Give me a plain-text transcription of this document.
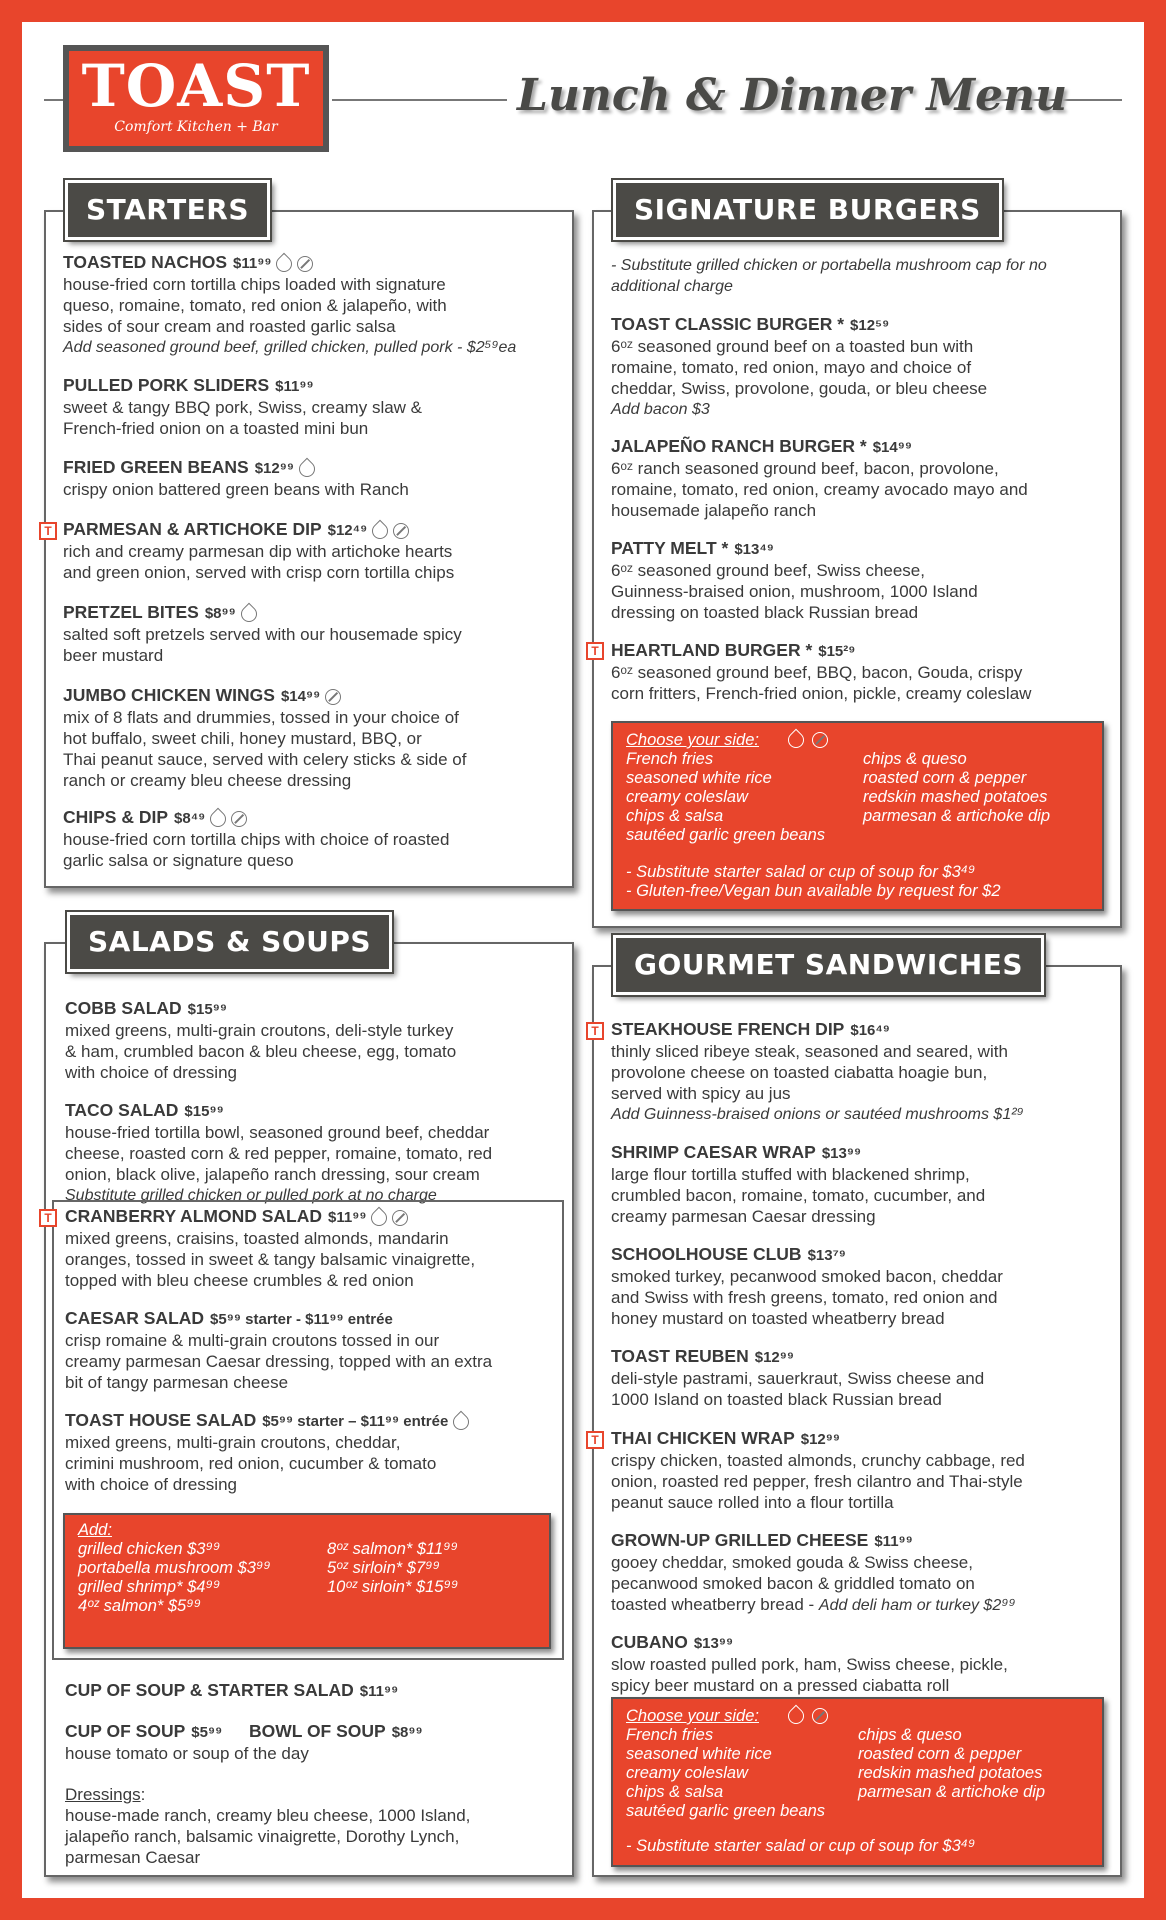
TOAST
Comfort Kitchen + Bar
Lunch & Dinner Menu
STARTERS
TOASTED NACHOS $11⁹⁹
house-fried corn tortilla chips loaded with signature
queso, romaine, tomato, red onion & jalapeño, with
sides of sour cream and roasted garlic salsa
Add seasoned ground beef, grilled chicken, pulled pork - $2⁵⁹ea
PULLED PORK SLIDERS $11⁹⁹
sweet & tangy BBQ pork, Swiss, creamy slaw &
French-fried onion on a toasted mini bun
FRIED GREEN BEANS $12⁹⁹
crispy onion battered green beans with Ranch
T PARMESAN & ARTICHOKE DIP $12⁴⁹
rich and creamy parmesan dip with artichoke hearts
and green onion, served with crisp corn tortilla chips
PRETZEL BITES $8⁹⁹
salted soft pretzels served with our housemade spicy
beer mustard
JUMBO CHICKEN WINGS $14⁹⁹
mix of 8 flats and drummies, tossed in your choice of
hot buffalo, sweet chili, honey mustard, BBQ, or
Thai peanut sauce, served with celery sticks & side of
ranch or creamy bleu cheese dressing
CHIPS & DIP $8⁴⁹
house-fried corn tortilla chips with choice of roasted
garlic salsa or signature queso
SIGNATURE BURGERS
- Substitute grilled chicken or portabella mushroom cap for no
additional charge
TOAST CLASSIC BURGER * $12⁵⁹
6ᵒᶻ seasoned ground beef on a toasted bun with
romaine, tomato, red onion, mayo and choice of
cheddar, Swiss, provolone, gouda, or bleu cheese
Add bacon $3
JALAPEÑO RANCH BURGER * $14⁹⁹
6ᵒᶻ ranch seasoned ground beef, bacon, provolone,
romaine, tomato, red onion, creamy avocado mayo and
housemade jalapeño ranch
PATTY MELT * $13⁴⁹
6ᵒᶻ seasoned ground beef, Swiss cheese,
Guinness-braised onion, mushroom, 1000 Island
dressing on toasted black Russian bread
T HEARTLAND BURGER * $15²⁹
6ᵒᶻ seasoned ground beef, BBQ, bacon, Gouda, crispy
corn fritters, French-fried onion, pickle, creamy coleslaw
Choose your side:
French fries
seasoned white rice
creamy coleslaw
chips & salsa
sautéed garlic green beans
chips & queso
roasted corn & pepper
redskin mashed potatoes
parmesan & artichoke dip
- Substitute starter salad or cup of soup for $3⁴⁹
- Gluten-free/Vegan bun available by request for $2
SALADS & SOUPS
COBB SALAD $15⁹⁹
mixed greens, multi-grain croutons, deli-style turkey
& ham, crumbled bacon & bleu cheese, egg, tomato
with choice of dressing
TACO SALAD $15⁹⁹
house-fried tortilla bowl, seasoned ground beef, cheddar
cheese, roasted corn & red pepper, romaine, tomato, red
onion, black olive, jalapeño ranch dressing, sour cream
Substitute grilled chicken or pulled pork at no charge
T CRANBERRY ALMOND SALAD $11⁹⁹
mixed greens, craisins, toasted almonds, mandarin
oranges, tossed in sweet & tangy balsamic vinaigrette,
topped with bleu cheese crumbles & red onion
CAESAR SALAD $5⁹⁹ starter - $11⁹⁹ entrée
crisp romaine & multi-grain croutons tossed in our
creamy parmesan Caesar dressing, topped with an extra
bit of tangy parmesan cheese
TOAST HOUSE SALAD $5⁹⁹ starter – $11⁹⁹ entrée
mixed greens, multi-grain croutons, cheddar,
crimini mushroom, red onion, cucumber & tomato
with choice of dressing
Add:
grilled chicken $3⁹⁹
portabella mushroom $3⁹⁹
grilled shrimp* $4⁹⁹
4ᵒᶻ salmon* $5⁹⁹
8ᵒᶻ salmon* $11⁹⁹
5ᵒᶻ sirloin* $7⁹⁹
10ᵒᶻ sirloin* $15⁹⁹
CUP OF SOUP & STARTER SALAD $11⁹⁹
CUP OF SOUP $5⁹⁹ BOWL OF SOUP $8⁹⁹
house tomato or soup of the day
Dressings:
house-made ranch, creamy bleu cheese, 1000 Island,
jalapeño ranch, balsamic vinaigrette, Dorothy Lynch,
parmesan Caesar
GOURMET SANDWICHES
T STEAKHOUSE FRENCH DIP $16⁴⁹
thinly sliced ribeye steak, seasoned and seared, with
provolone cheese on toasted ciabatta hoagie bun,
served with spicy au jus
Add Guinness-braised onions or sautéed mushrooms $1²⁹
SHRIMP CAESAR WRAP $13⁹⁹
large flour tortilla stuffed with blackened shrimp,
crumbled bacon, romaine, tomato, cucumber, and
creamy parmesan Caesar dressing
SCHOOLHOUSE CLUB $13⁷⁹
smoked turkey, pecanwood smoked bacon, cheddar
and Swiss with fresh greens, tomato, red onion and
honey mustard on toasted wheatberry bread
TOAST REUBEN $12⁹⁹
deli-style pastrami, sauerkraut, Swiss cheese and
1000 Island on toasted black Russian bread
T THAI CHICKEN WRAP $12⁹⁹
crispy chicken, toasted almonds, crunchy cabbage, red
onion, roasted red pepper, fresh cilantro and Thai-style
peanut sauce rolled into a flour tortilla
GROWN-UP GRILLED CHEESE $11⁹⁹
gooey cheddar, smoked gouda & Swiss cheese,
pecanwood smoked bacon & griddled tomato on
toasted wheatberry bread - Add deli ham or turkey $2⁹⁹
CUBANO $13⁹⁹
slow roasted pulled pork, ham, Swiss cheese, pickle,
spicy beer mustard on a pressed ciabatta roll
Choose your side:
French fries
seasoned white rice
creamy coleslaw
chips & salsa
sautéed garlic green beans
chips & queso
roasted corn & pepper
redskin mashed potatoes
parmesan & artichoke dip
- Substitute starter salad or cup of soup for $3⁴⁹
